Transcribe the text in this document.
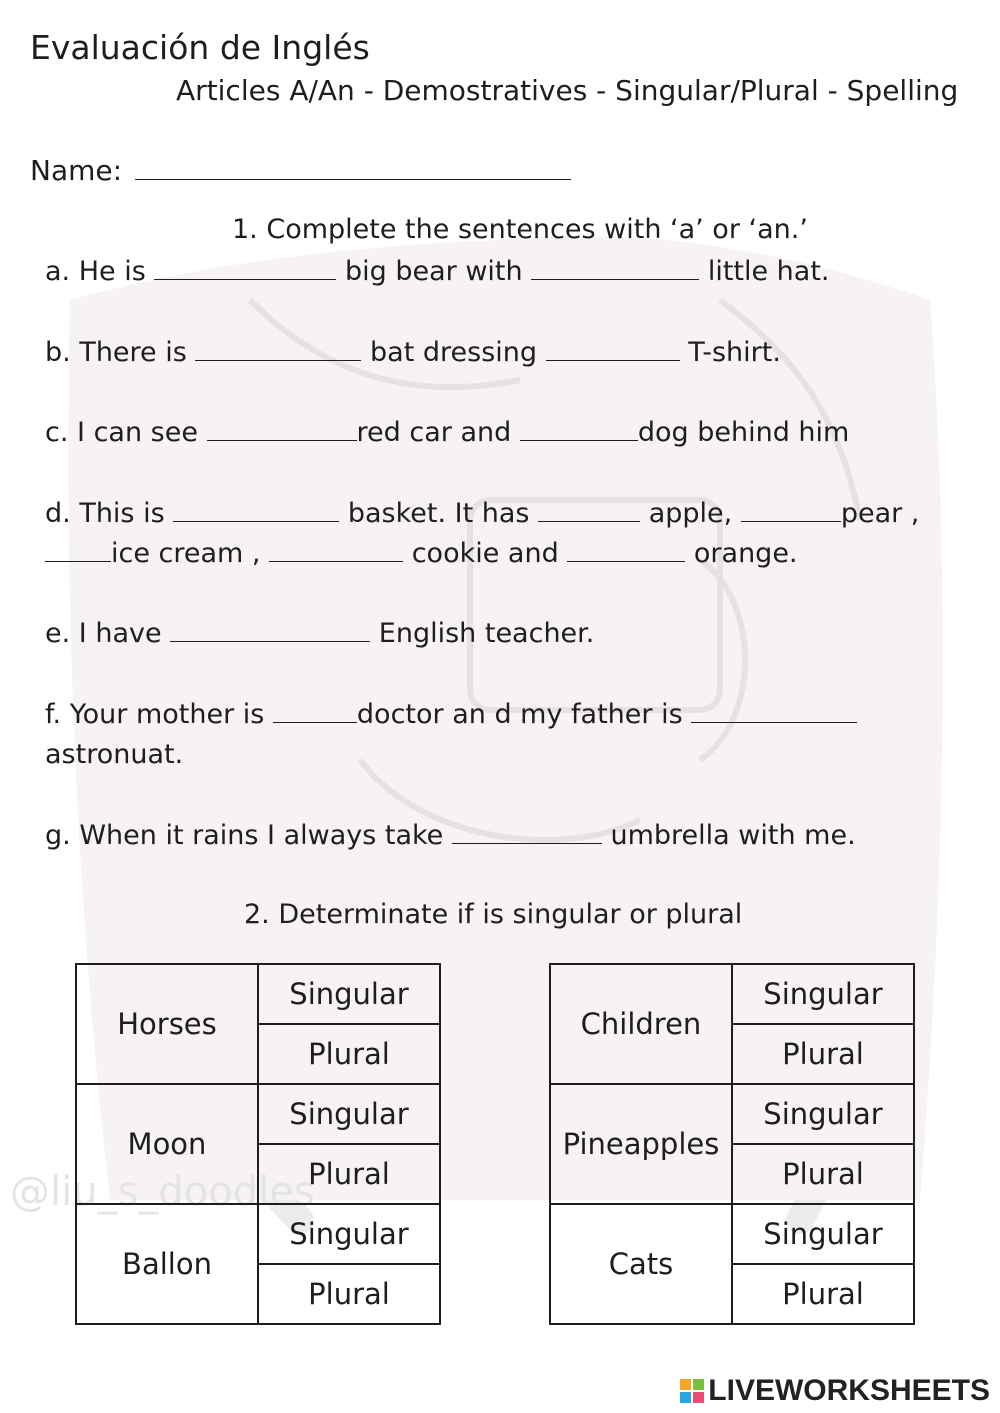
@liu_s_doodles
Evaluación de Inglés
Articles A/An - Demostratives - Singular/Plural - Spelling
Name:
1. Complete the sentences with ‘a’ or ‘an.’
a. He is	big bear with	little hat.
b. There is	bat dressing	T-shirt.
c. I can see	red car and	dog behind him
d. This is	basket. It has	apple,	pear ,
ice cream ,	cookie and	orange.
e. I have	English teacher.
f. Your mother is	doctor an d my father is
astronuat.
g. When it rains I always take	umbrella with me.
2. Determinate if is singular or plural
Horses	Singular
	Plural
Moon	Singular
	Plural
Ballon	Singular
	Plural
Children	Singular
	Plural
Pineapples	Singular
	Plural
Cats	Singular
	Plural
LIVEWORKSHEETS
